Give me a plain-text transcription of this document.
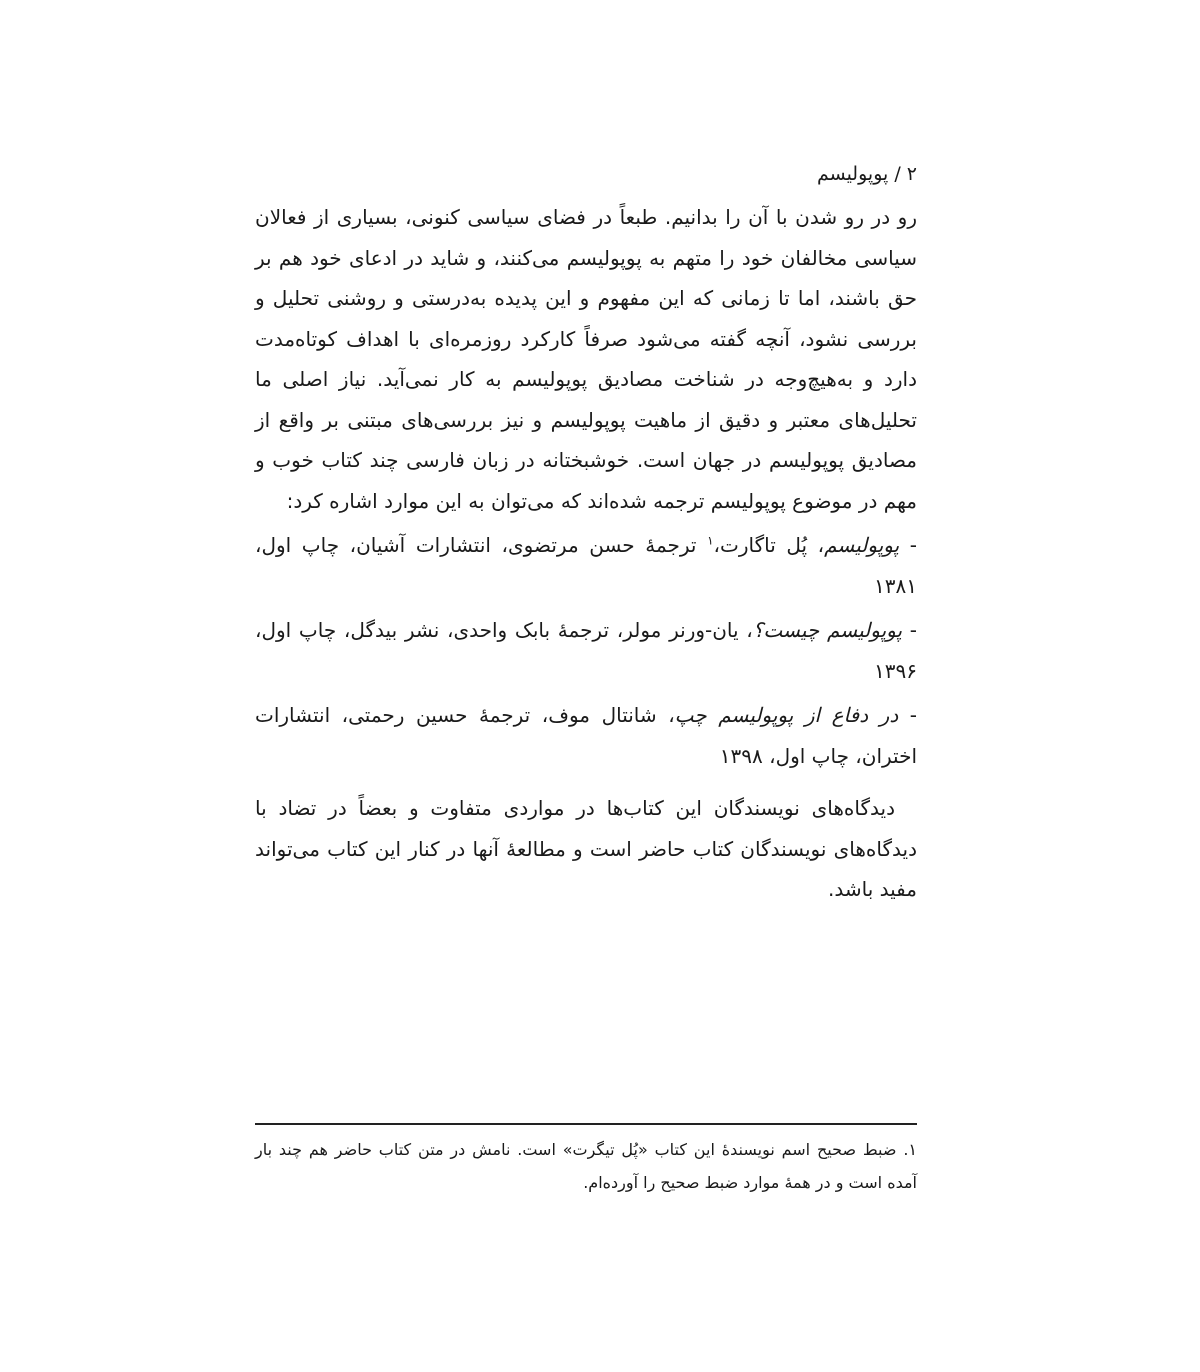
۲ / پوپولیسم

رو در رو شدن با آن را بدانیم. طبعاً در فضای سیاسی کنونی، بسیاری از فعالان سیاسی مخالفان خود را متهم به پوپولیسم می‌کنند، و شاید در ادعای خود هم بر حق باشند، اما تا زمانی که این مفهوم و این پدیده به‌درستی و روشنی تحلیل و بررسی نشود، آنچه گفته می‌شود صرفاً کارکرد روزمره‌ای با اهداف کوتاه‌مدت دارد و به‌هیچ‌وجه در شناخت مصادیق پوپولیسم به کار نمی‌آید. نیاز اصلی ما تحلیل‌های معتبر و دقیق از ماهیت پوپولیسم و نیز بررسی‌های مبتنی بر واقع از مصادیق پوپولیسم در جهان است. خوشبختانه در زبان فارسی چند کتاب خوب و مهم در موضوع پوپولیسم ترجمه شده‌اند که می‌توان به این موارد اشاره کرد:

- پوپولیسم، پُل تاگارت،$^۱$ ترجمهٔ حسن مرتضوی، انتشارات آشیان، چاپ اول، ۱۳۸۱

- پوپولیسم چیست؟، یان-ورنر مولر، ترجمهٔ بابک واحدی، نشر بیدگل، چاپ اول، ۱۳۹۶

- در دفاع از پوپولیسم چپ، شانتال موف، ترجمهٔ حسین رحمتی، انتشارات اختران، چاپ اول، ۱۳۹۸

دیدگاه‌های نویسندگان این کتاب‌ها در مواردی متفاوت و بعضاً در تضاد با دیدگاه‌های نویسندگان کتاب حاضر است و مطالعهٔ آنها در کنار این کتاب می‌تواند مفید باشد.

۱. ضبط صحیح اسم نویسندهٔ این کتاب «پُل تیگرت» است. نامش در متن کتاب حاضر هم چند بار آمده است و در همهٔ موارد ضبط صحیح را آورده‌ام.
